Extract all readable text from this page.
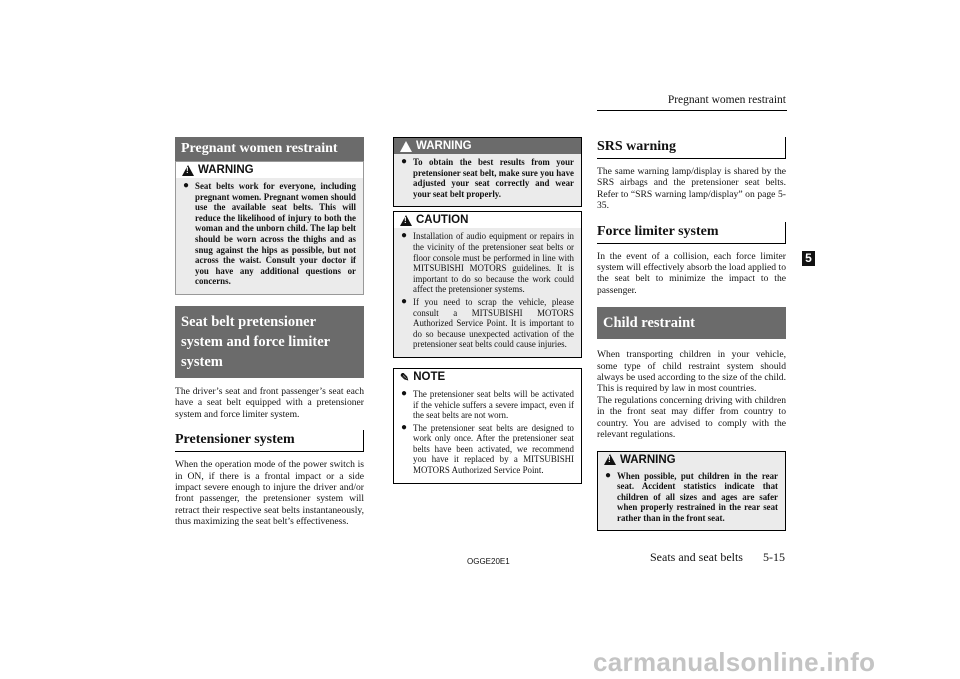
Pregnant women restraint
5
Pregnant women restraint
!
WARNING
● Seat belts work for everyone, including pregnant women. Pregnant women should use the available seat belts. This will reduce the likelihood of injury to both the woman and the unborn child. The lap belt should be worn across the thighs and as snug against the hips as possible, but not across the waist. Consult your doctor if you have any additional questions or concerns.
Seat belt pretensioner system and force limiter system
The driver’s seat and front passenger’s seat each have a seat belt equipped with a pretensioner system and force limiter system.
Pretensioner system
When the operation mode of the power switch is in ON, if there is a frontal impact or a side impact severe enough to injure the driver and/or front passenger, the pretensioner system will retract their respective seat belts instantaneously, thus maximizing the seat belt’s effectiveness.
!
WARNING
● To obtain the best results from your pretensioner seat belt, make sure you have adjusted your seat correctly and wear your seat belt properly.
!
CAUTION
● Installation of audio equipment or repairs in the vicinity of the pretensioner seat belts or floor console must be performed in line with MITSUBISHI MOTORS guidelines. It is important to do so because the work could affect the pretensioner systems.
● If you need to scrap the vehicle, please consult a MITSUBISHI MOTORS Authorized Service Point. It is important to do so because unexpected activation of the pretensioner seat belts could cause injuries.
✎ NOTE
● The pretensioner seat belts will be activated if the vehicle suffers a severe impact, even if the seat belts are not worn.
● The pretensioner seat belts are designed to work only once. After the pretensioner seat belts have been activated, we recommend you have it replaced by a MITSUBISHI MOTORS Authorized Service Point.
SRS warning
The same warning lamp/display is shared by the SRS airbags and the pretensioner seat belts. Refer to “SRS warning lamp/display” on page 5-35.
Force limiter system
In the event of a collision, each force limiter system will effectively absorb the load applied to the seat belt to minimize the impact to the passenger.
Child restraint
When transporting children in your vehicle, some type of child restraint system should always be used according to the size of the child. This is required by law in most countries.
The regulations concerning driving with children in the front seat may differ from country to country. You are advised to comply with the relevant regulations.
!
WARNING
● When possible, put children in the rear seat. Accident statistics indicate that children of all sizes and ages are safer when properly restrained in the rear seat rather than in the front seat.
OGGE20E1	Seats and seat belts 5-15
carmanualsonline.info
